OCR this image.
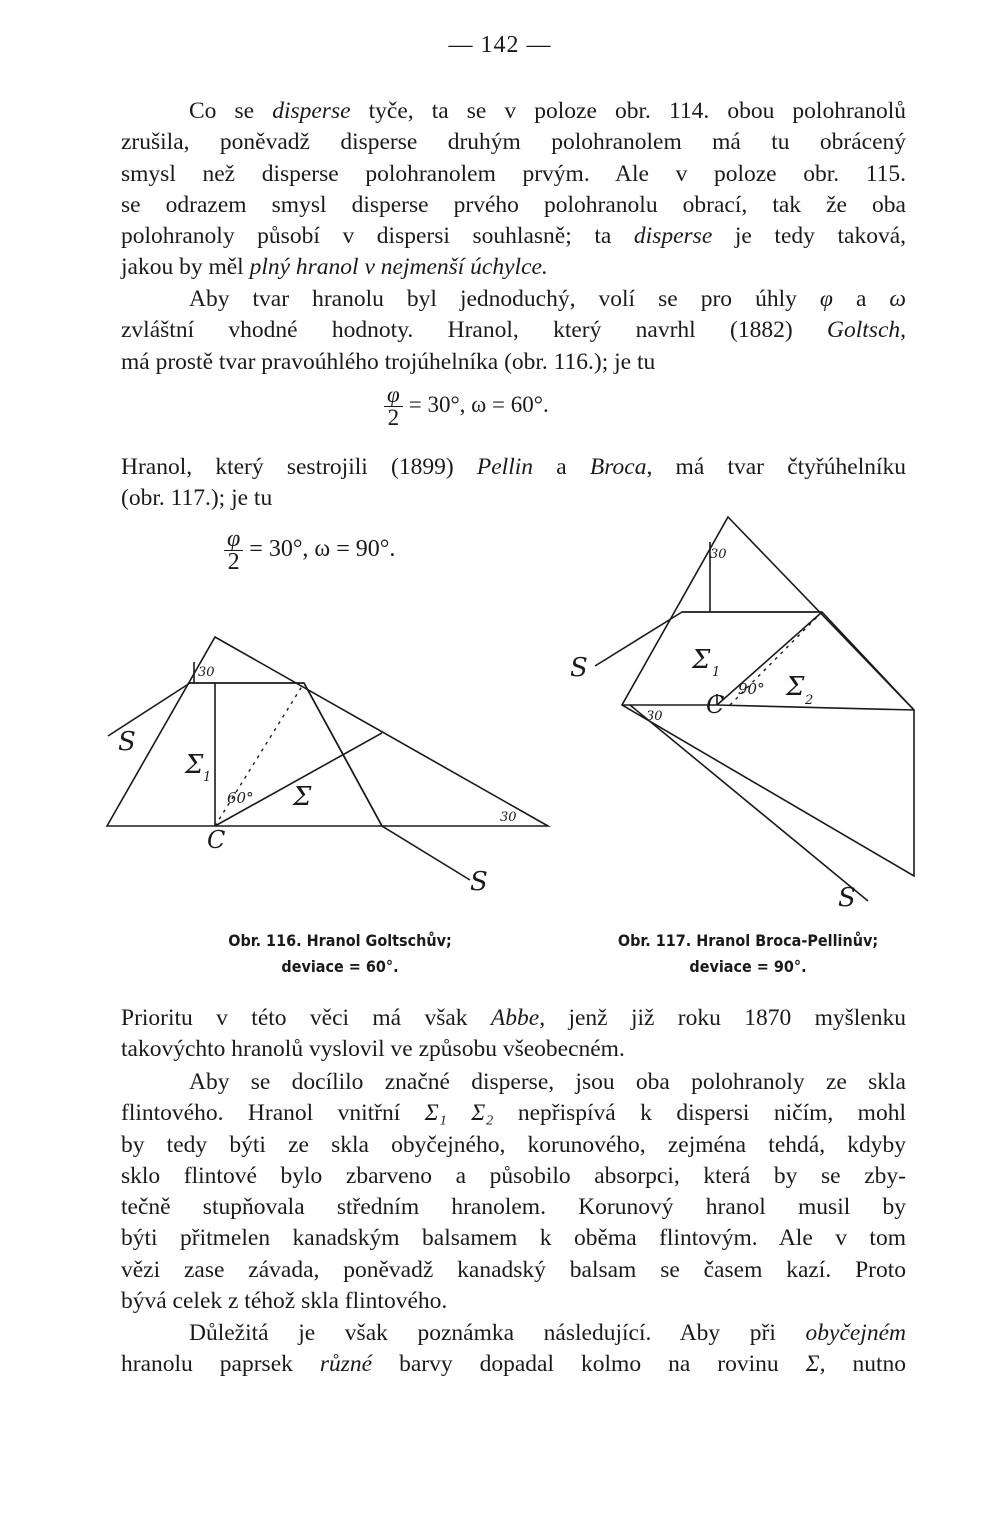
— 142 —
Co se disperse tyče, ta se v poloze obr. 114. obou polohranolů
zrušila, poněvadž disperse druhým polohranolem má tu obrácený
smysl než disperse polohranolem prvým. Ale v poloze obr. 115.
se odrazem smysl disperse prvého polohranolu obrací, tak že oba
polohranoly působí v dispersi souhlasně; ta disperse je tedy taková,
jakou by měl plný hranol v nejmenší úchylce.
Aby tvar hranolu byl jednoduchý, volí se pro úhly φ a ω
zvláštní vhodné hodnoty. Hranol, který navrhl (1882) Goltsch,
má prostě tvar pravoúhlého trojúhelníka (obr. 116.); je tu
$\frac{\varphi}{2} = 30^\circ$, ω = 60°.
Hranol, který sestrojili (1899) Pellin a Broca, má tvar čtyřúhelníku
(obr. 117.); je tu
$\frac{\varphi}{2} = 30^\circ$, ω = 90°.
S
S
C
Σ 1
Σ
60°
30
30
S
S
C
Σ 1	Σ 2
90°
30
30
Obr. 116. Hranol Goltschův;
deviace = 60°.
Obr. 117. Hranol Broca-Pellinův;
deviace = 90°.
Prioritu v této věci má však Abbe, jenž již roku 1870 myšlenku
takovýchto hranolů vyslovil ve způsobu všeobecném.
Aby se docílilo značné disperse, jsou oba polohranoly ze skla
flintového. Hranol vnitřní Σ₁ Σ₂ nepřispívá k dispersi ničím, mohl
by tedy býti ze skla obyčejného, korunového, zejména tehdá, kdyby
sklo flintové bylo zbarveno a působilo absorpci, která by se zby-
tečně stupňovala středním hranolem. Korunový hranol musil by
býti přitmelen kanadským balsamem k oběma flintovým. Ale v tom
vězi zase závada, poněvadž kanadský balsam se časem kazí. Proto
bývá celek z téhož skla flintového.
Důležitá je však poznámka následující. Aby při obyčejném
hranolu paprsek různé barvy dopadal kolmo na rovinu Σ, nutno
